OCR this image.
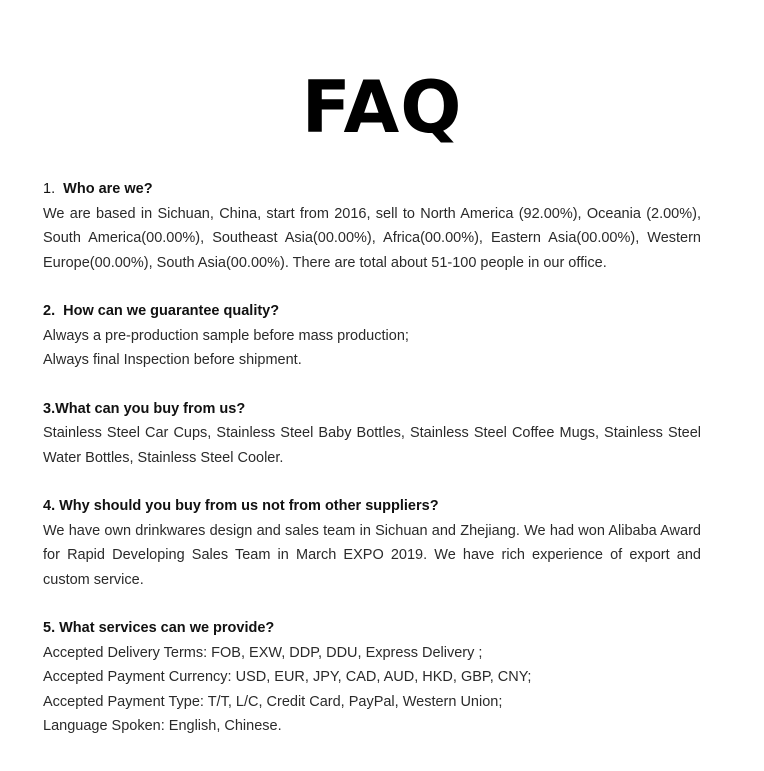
FAQ

1. Who are we?

We are based in Sichuan, China, start from 2016, sell to North America (92.00%), Oceania (2.00%), South America(00.00%), Southeast Asia(00.00%), Africa(00.00%), Eastern Asia(00.00%), Western Europe(00.00%), South Asia(00.00%). There are total about 51-100 people in our office.

2. How can we guarantee quality?

Always a pre-production sample before mass production;
Always final Inspection before shipment.

3.What can you buy from us?

Stainless Steel Car Cups, Stainless Steel Baby Bottles, Stainless Steel Coffee Mugs, Stainless Steel Water Bottles, Stainless Steel Cooler.

4. Why should you buy from us not from other suppliers?

We have own drinkwares design and sales team in Sichuan and Zhejiang. We had won Alibaba Award for Rapid Developing Sales Team in March EXPO 2019. We have rich experience of export and custom service.

5. What services can we provide?

Accepted Delivery Terms: FOB, EXW, DDP, DDU, Express Delivery ;
Accepted Payment Currency: USD, EUR, JPY, CAD, AUD, HKD, GBP, CNY;
Accepted Payment Type: T/T, L/C, Credit Card, PayPal, Western Union;
Language Spoken: English, Chinese.
